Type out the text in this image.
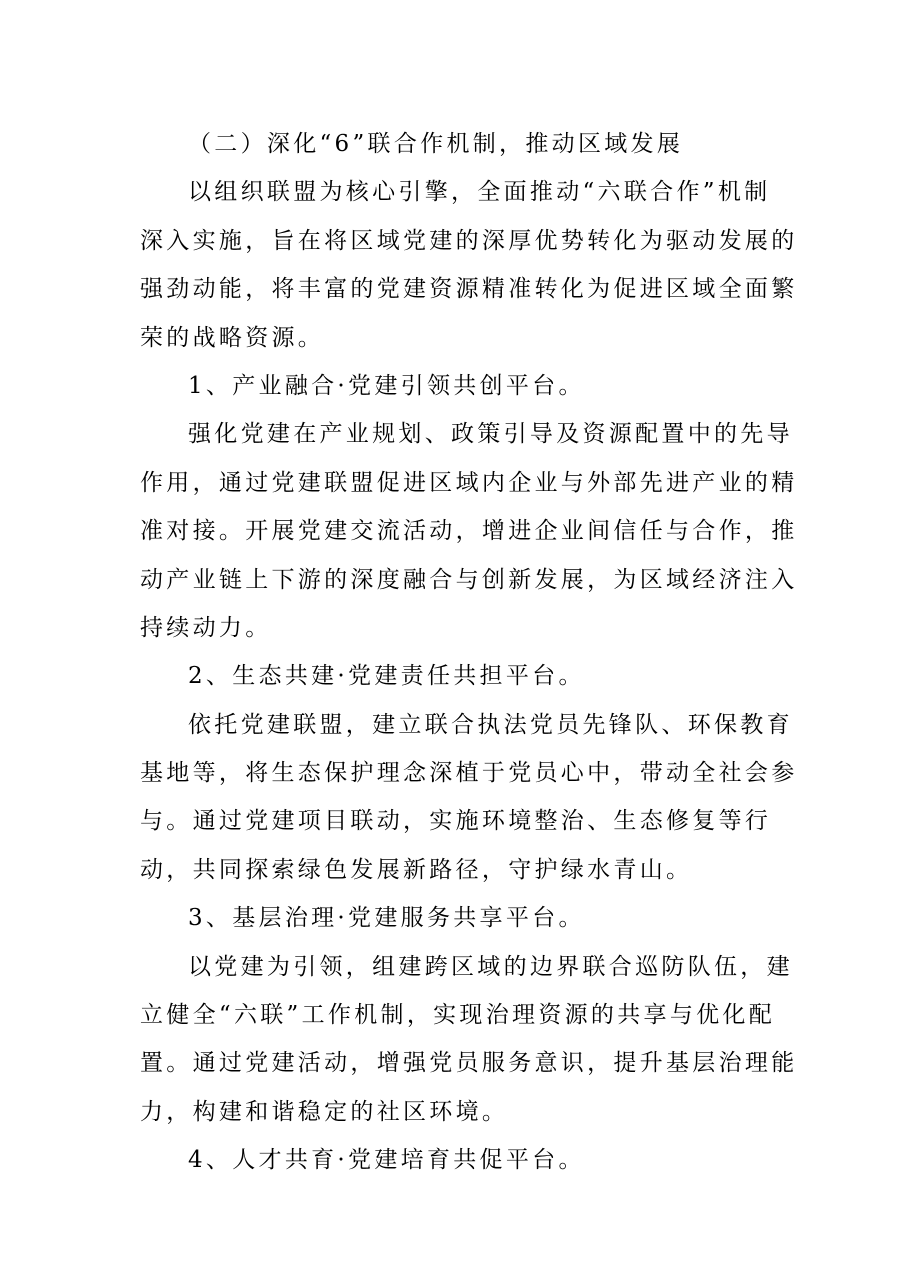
（二）深化“6”联合作机制，推动区域发展
以组织联盟为核心引擎，全面推动“六联合作”机制
深入实施，旨在将区域党建的深厚优势转化为驱动发展的
强劲动能，将丰富的党建资源精准转化为促进区域全面繁
荣的战略资源。
1、产业融合·党建引领共创平台。
强化党建在产业规划、政策引导及资源配置中的先导
作用，通过党建联盟促进区域内企业与外部先进产业的精
准对接。开展党建交流活动，增进企业间信任与合作，推
动产业链上下游的深度融合与创新发展，为区域经济注入
持续动力。
2、生态共建·党建责任共担平台。
依托党建联盟，建立联合执法党员先锋队、环保教育
基地等，将生态保护理念深植于党员心中，带动全社会参
与。通过党建项目联动，实施环境整治、生态修复等行
动，共同探索绿色发展新路径，守护绿水青山。
3、基层治理·党建服务共享平台。
以党建为引领，组建跨区域的边界联合巡防队伍，建
立健全“六联”工作机制，实现治理资源的共享与优化配
置。通过党建活动，增强党员服务意识，提升基层治理能
力，构建和谐稳定的社区环境。
4、人才共育·党建培育共促平台。
